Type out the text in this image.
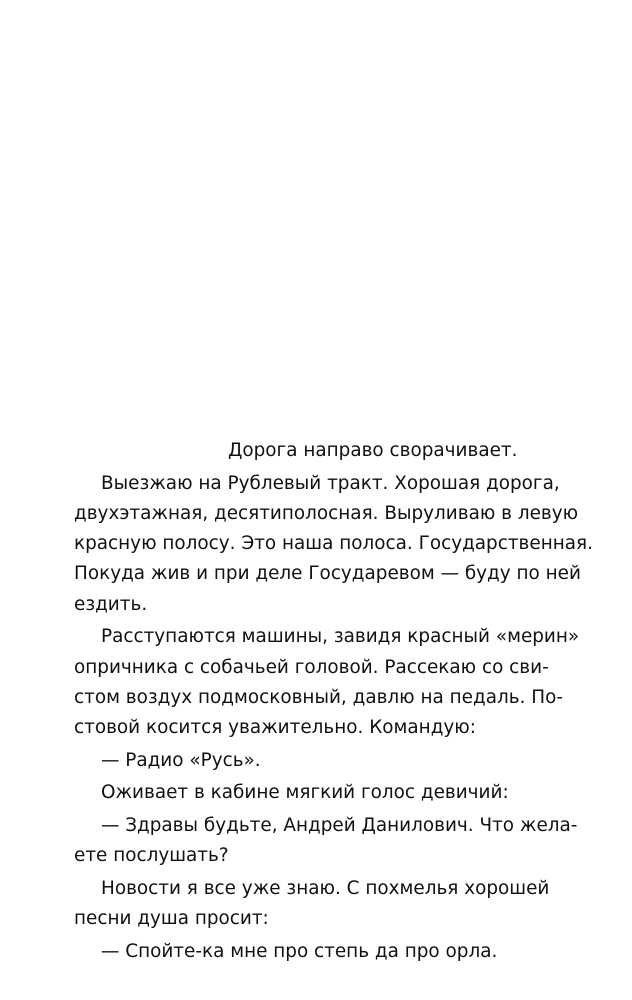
Дорога направо сворачивает.
Выезжаю на Рублевый тракт. Хорошая дорога,
двухэтажная, десятиполосная. Выруливаю в левую
красную полосу. Это наша полоса. Государственная.
Покуда жив и при деле Государевом — буду по ней
ездить.
Расступаются машины, завидя красный «мерин»
опричника с собачьей головой. Рассекаю со сви-
стом воздух подмосковный, давлю на педаль. По-
стовой косится уважительно. Командую:
— Радио «Русь».
Оживает в кабине мягкий голос девичий:
— Здравы будьте, Андрей Данилович. Что жела-
ете послушать?
Новости я все уже знаю. С похмелья хорошей
песни душа просит:
— Спойте-ка мне про степь да про орла.
